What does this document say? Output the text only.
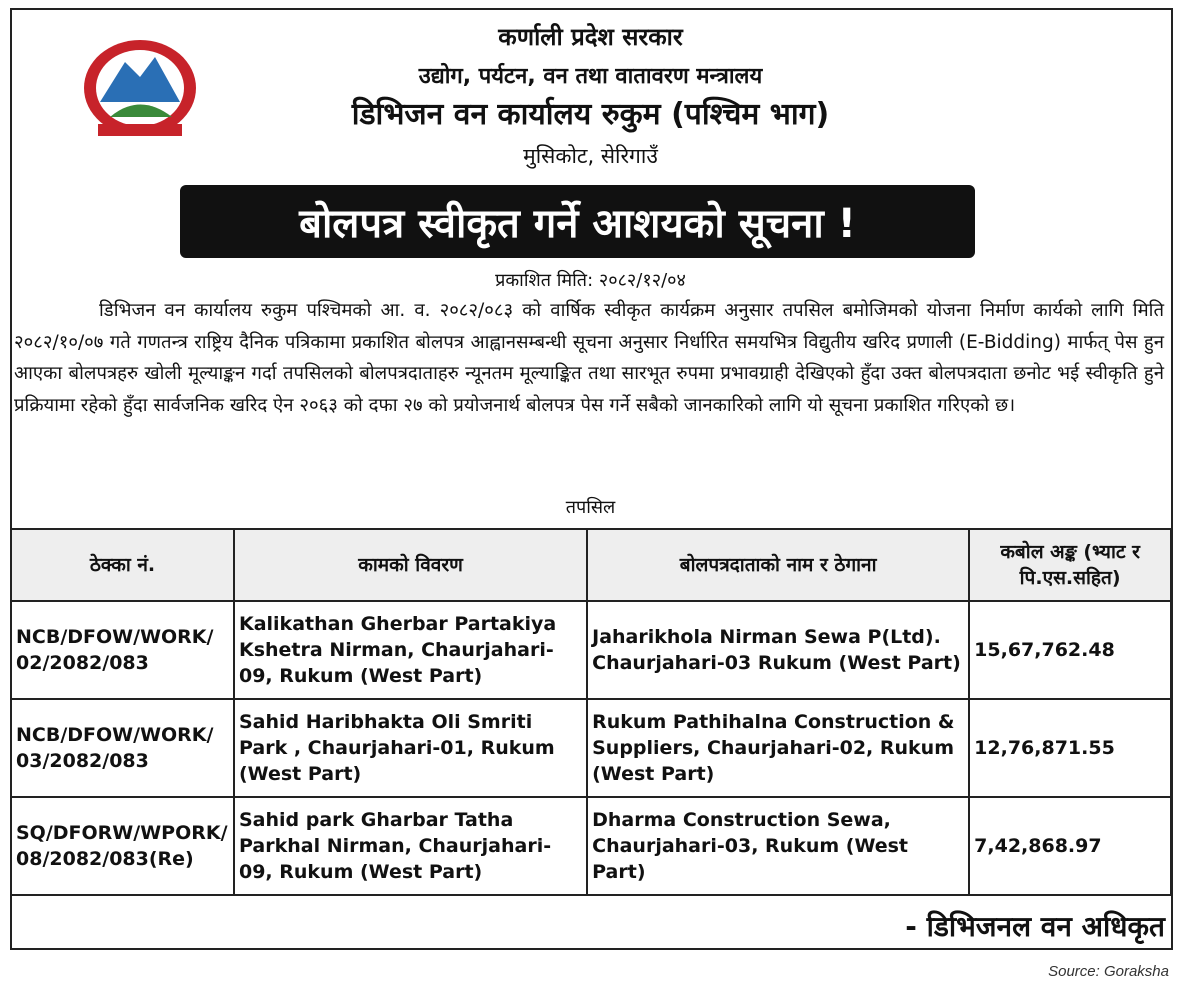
कर्णाली प्रदेश सरकार
उद्योग, पर्यटन, वन तथा वातावरण मन्त्रालय
डिभिजन वन कार्यालय रुकुम (पश्चिम भाग)
मुसिकोट, सेरिगाउँ
बोलपत्र स्वीकृत गर्ने आशयको सूचना !
प्रकाशित मिति: २०८२/१२/०४
डिभिजन वन कार्यालय रुकुम पश्चिमको आ. व. २०८२/०८३ को वार्षिक स्वीकृत कार्यक्रम अनुसार तपसिल बमोजिमको योजना निर्माण कार्यको लागि मिति २०८२/१०/०७ गते गणतन्त्र राष्ट्रिय दैनिक पत्रिकामा प्रकाशित बोलपत्र आह्वानसम्बन्धी सूचना अनुसार निर्धारित समयभित्र विद्युतीय खरिद प्रणाली (E-Bidding) मार्फत् पेस हुन आएका बोलपत्रहरु खोली मूल्याङ्कन गर्दा तपसिलको बोलपत्रदाताहरु न्यूनतम मूल्याङ्कित तथा सारभूत रुपमा प्रभावग्राही देखिएको हुँदा उक्त बोलपत्रदाता छनोट भई स्वीकृति हुने प्रक्रियामा रहेको हुँदा सार्वजनिक खरिद ऐन २०६३ को दफा २७ को प्रयोजनार्थ बोलपत्र पेस गर्ने सबैको जानकारिको लागि यो सूचना प्रकाशित गरिएको छ।
तपसिल
ठेक्का नं.	कामको विवरण	बोलपत्रदाताको नाम र ठेगाना	कबोल अङ्क (भ्याट र पि.एस.सहित)
NCB/DFOW/WORK/ 02/2082/083	Kalikathan Gherbar Partakiya Kshetra Nirman, Chaurjahari-09, Rukum (West Part)	Jaharikhola Nirman Sewa P(Ltd). Chaurjahari-03 Rukum (West Part)	15,67,762.48
NCB/DFOW/WORK/ 03/2082/083	Sahid Haribhakta Oli Smriti Park , Chaurjahari-01, Rukum (West Part)	Rukum Pathihalna Construction & Suppliers, Chaurjahari-02, Rukum (West Part)	12,76,871.55
SQ/DFORW/WPORK/ 08/2082/083(Re)	Sahid park Gharbar Tatha Parkhal Nirman, Chaurjahari-09, Rukum (West Part)	Dharma Construction Sewa, Chaurjahari-03, Rukum (West Part)	7,42,868.97
- डिभिजनल वन अधिकृत
Source: Goraksha
